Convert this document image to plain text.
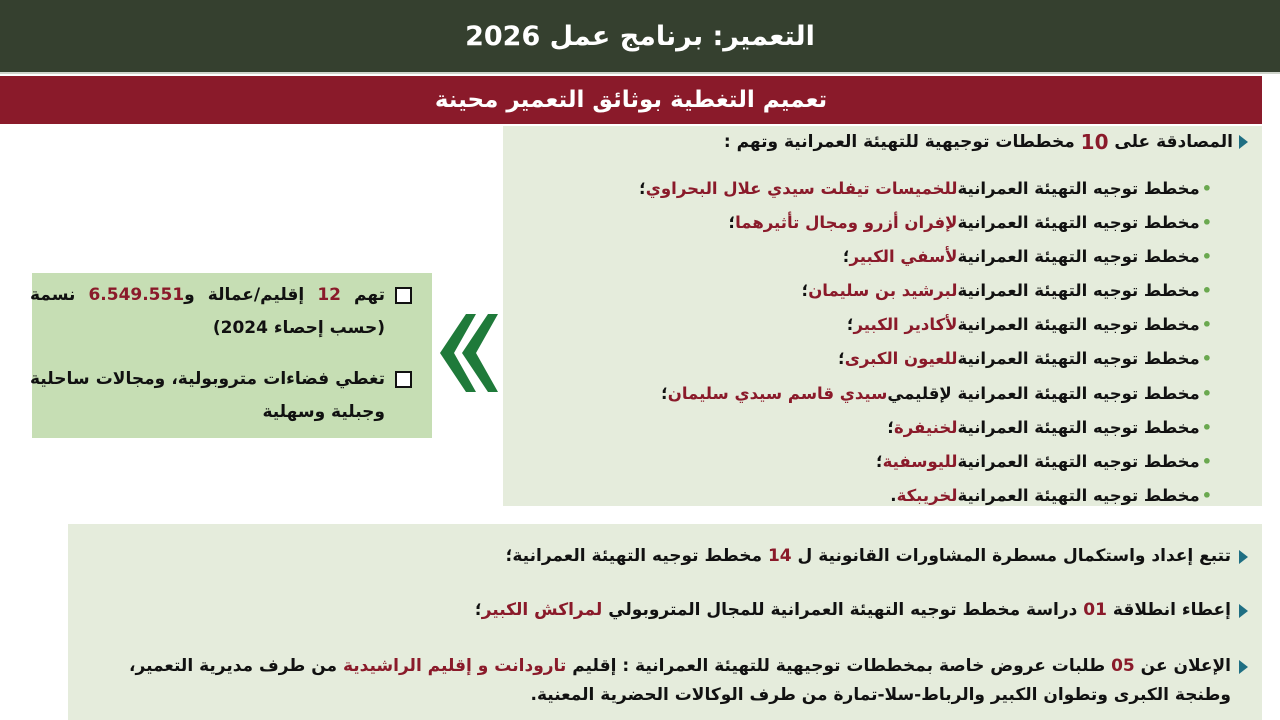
التعمير: برنامج عمل 2026
تعميم التغطية بوثائق التعمير محينة
المصادقة على

10

مخططات توجيهية للتهيئة العمرانية وتهم :
•
مخطط توجيه التهيئة العمرانية
للخميسات تيفلت سيدي علال البحراوي
؛
•
مخطط توجيه التهيئة العمرانية
لإفران أزرو ومجال تأثيرهما
؛
•
مخطط توجيه التهيئة العمرانية
لأسفي الكبير
؛
•
مخطط توجيه التهيئة العمرانية
لبرشيد بن سليمان
؛
•
مخطط توجيه التهيئة العمرانية
لأكادير الكبير
؛
•
مخطط توجيه التهيئة العمرانية
للعيون الكبرى
؛
•
مخطط توجيه التهيئة العمرانية لإقليمي
سيدي قاسم سيدي سليمان
؛
•
مخطط توجيه التهيئة العمرانية
لخنيفرة
؛
•
مخطط توجيه التهيئة العمرانية
لليوسفية
؛
•
مخطط توجيه التهيئة العمرانية
لخريبكة
.
تهم 12 إقليم/عمالة و6.549.551 نسمة (حسب إحصاء 2024)
تغطي فضاءات متروبولية، ومجالات ساحلية وجبلية وسهلية
تتبع إعداد واستكمال مسطرة المشاورات القانونية ل 14 مخطط توجيه التهيئة العمرانية؛
إعطاء انطلاقة 01 دراسة مخطط توجيه التهيئة العمرانية للمجال المتروبولي لمراكش الكبير؛
الإعلان عن 05 طلبات عروض خاصة بمخططات توجيهية للتهيئة العمرانية : إقليم تارودانت و إقليم الراشيدية من طرف مديرية التعمير، وطنجة الكبرى وتطوان الكبير والرباط-سلا-تمارة من طرف الوكالات الحضرية المعنية.
